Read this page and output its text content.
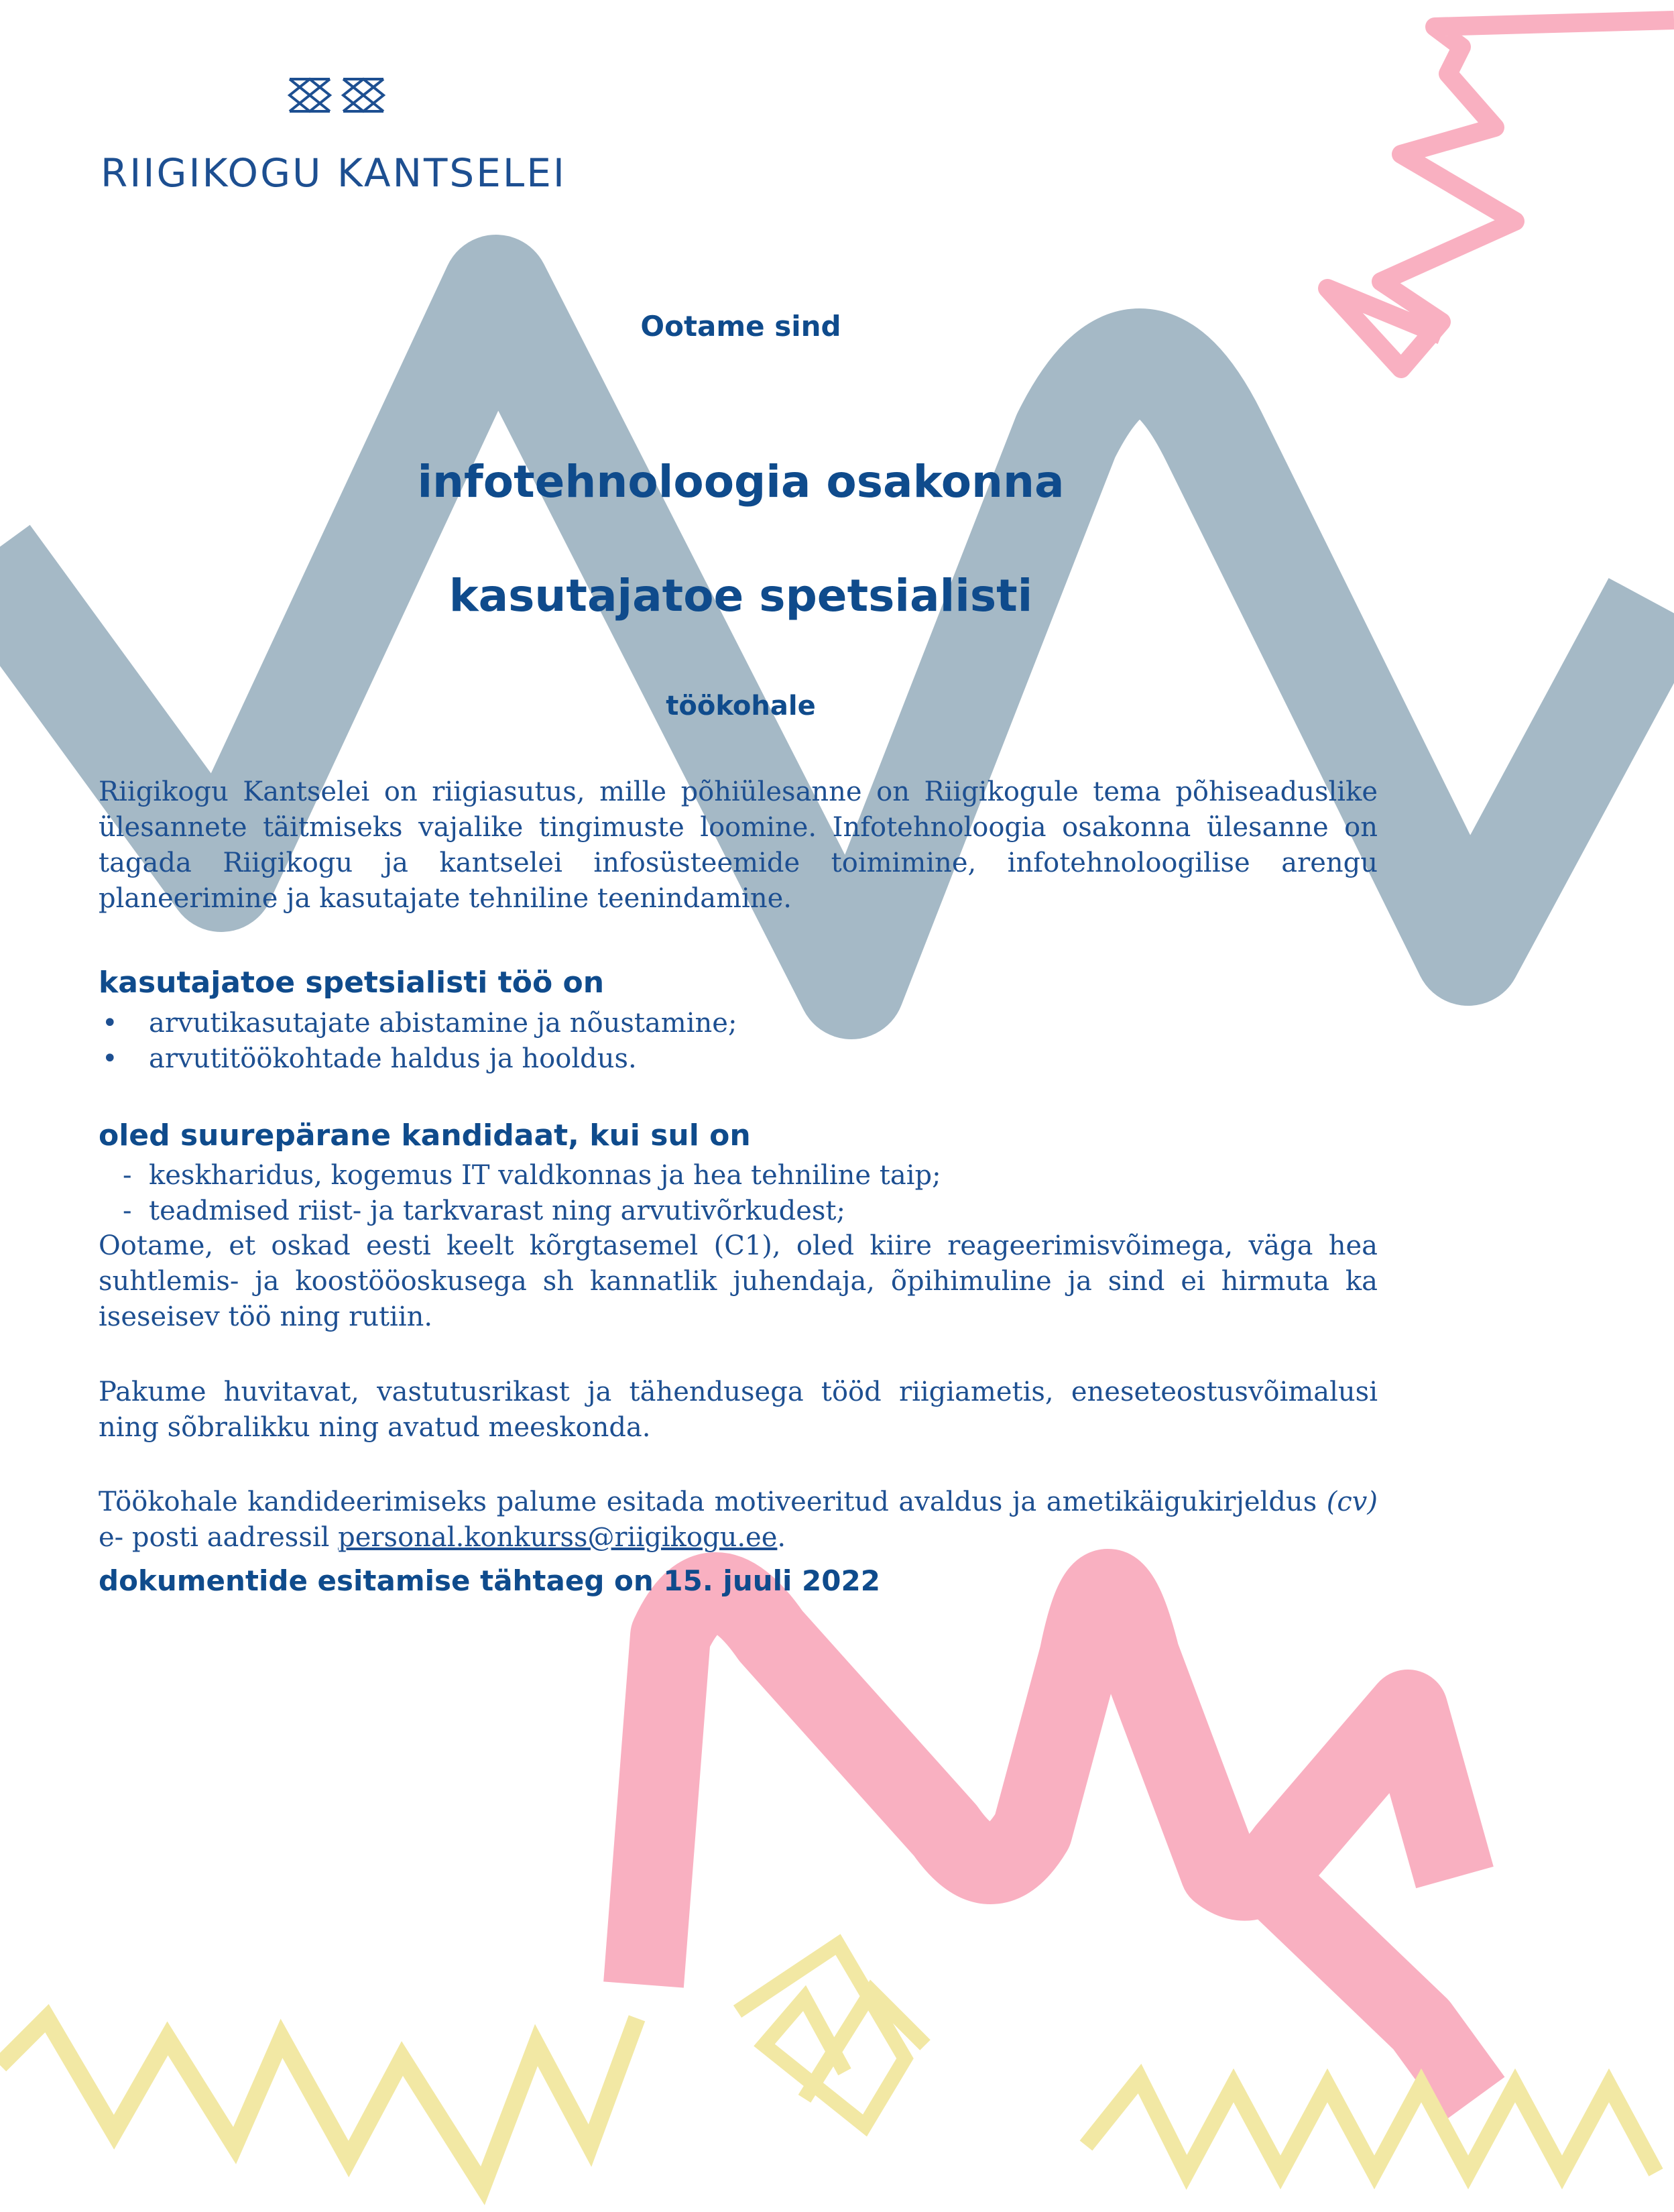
RIIGIKOGU KANTSELEI
Ootame sind
infotehnoloogia osakonna
kasutajatoe spetsialisti
töökohale
Riigikogu Kantselei on riigiasutus, mille põhiülesanne on Riigikogule tema põhiseaduslike ülesannete täitmiseks vajalike tingimuste loomine. Infotehnoloogia osakonna ülesanne on tagada Riigikogu ja kantselei infosüsteemide toimimine, infotehnoloogilise arengu planeerimine ja kasutajate tehniline teenindamine.
kasutajatoe spetsialisti töö on
• arvutikasutajate abistamine ja nõustamine;
• arvutitöökohtade haldus ja hooldus.
oled suurepärane kandidaat, kui sul on
- keskharidus, kogemus IT valdkonnas ja hea tehniline taip;
- teadmised riist- ja tarkvarast ning arvutivõrkudest;
Ootame, et oskad eesti keelt kõrgtasemel (C1), oled kiire reageerimisvõimega, väga hea suhtlemis- ja koostööoskusega sh kannatlik juhendaja, õpihimuline ja sind ei hirmuta ka iseseisev töö ning rutiin.
Pakume huvitavat, vastutusrikast ja tähendusega tööd riigiametis, eneseteostusvõimalusi ning sõbralikku ning avatud meeskonda.
Töökohale kandideerimiseks palume esitada motiveeritud avaldus ja ametikäigukirjeldus (cv) e- posti aadressil personal.konkurss@riigikogu.ee.
dokumentide esitamise tähtaeg on 15. juuli 2022
